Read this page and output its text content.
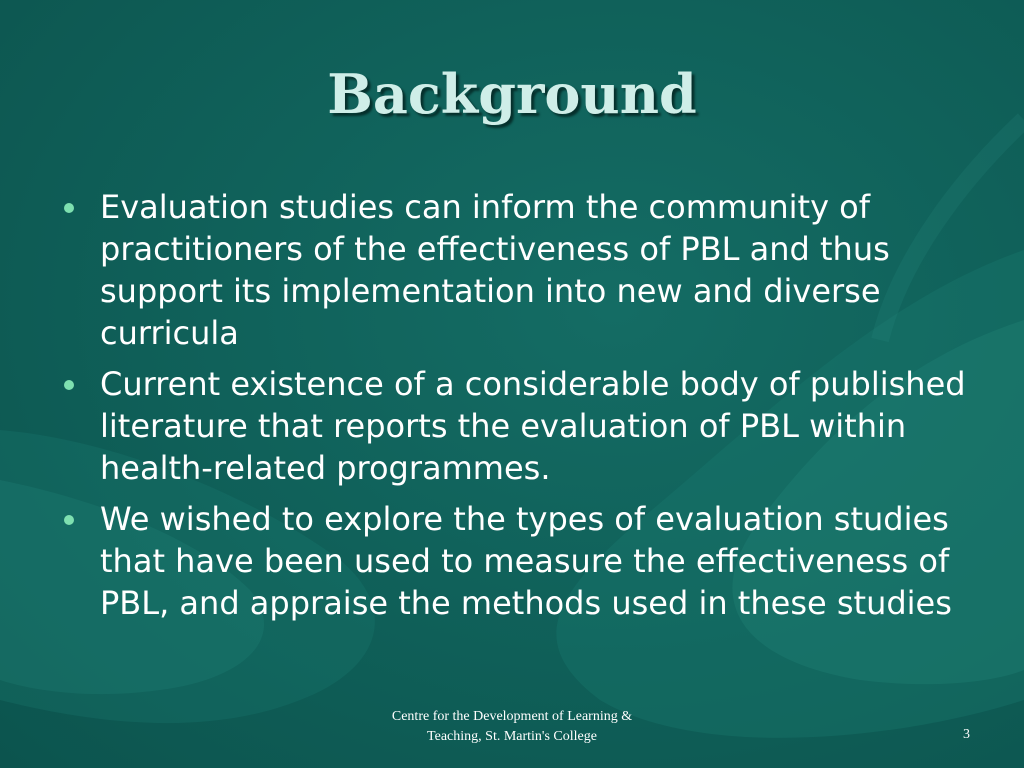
Background
Evaluation studies can inform the community of practitioners of the effectiveness of PBL and thus support its implementation into new and diverse curricula
Current existence of a considerable body of published literature that reports the evaluation of PBL within health-related programmes.
We wished to explore the types of evaluation studies that have been used to measure the effectiveness of PBL, and appraise the methods used in these studies
Centre for the Development of Learning &
Teaching, St. Martin's College	3
